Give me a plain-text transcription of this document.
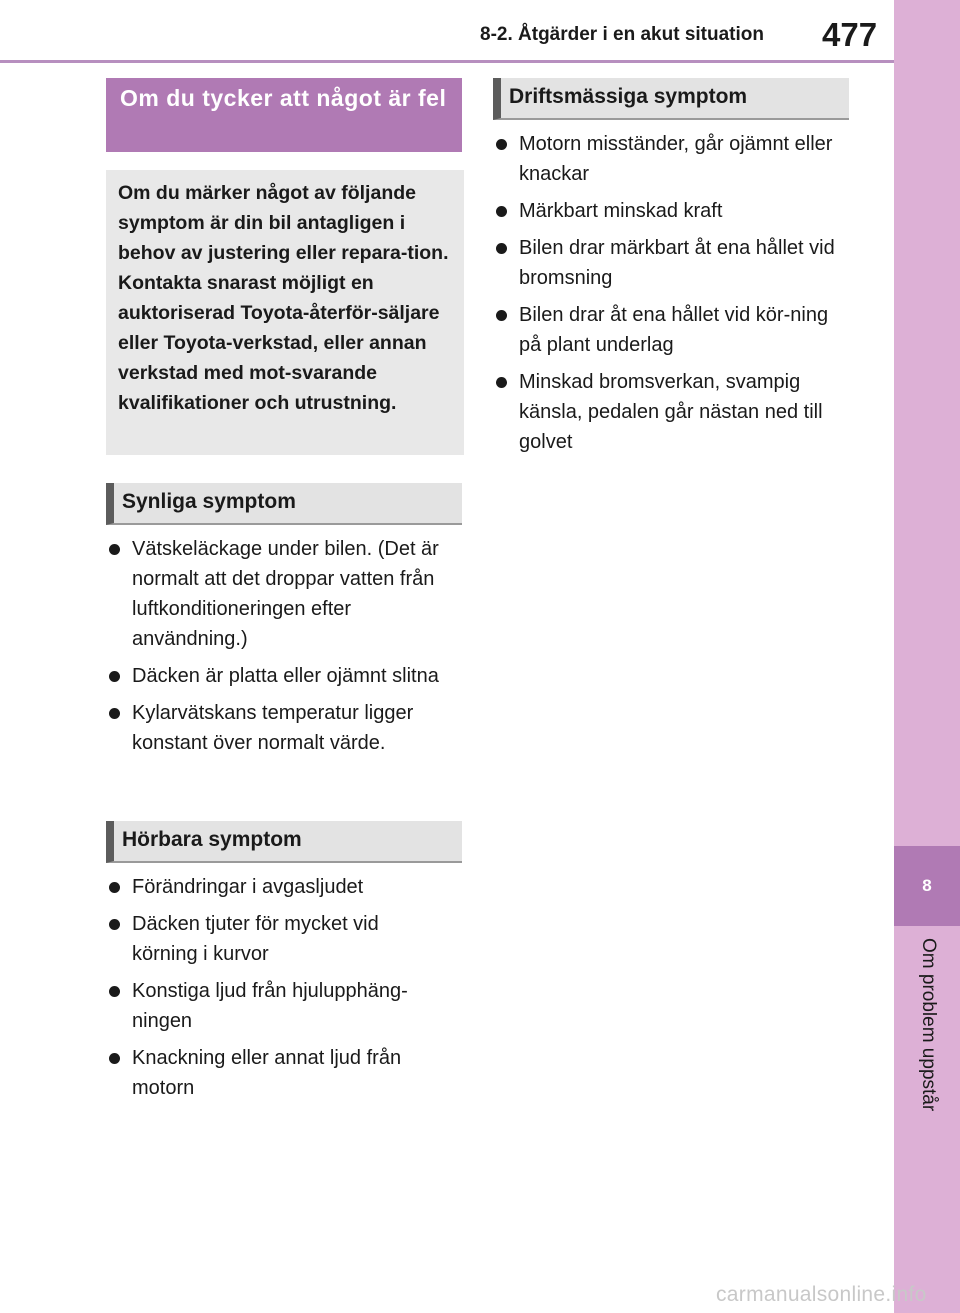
8-2. Åtgärder i en akut situation	477
8
Om problem uppstår
Om du tycker att något är fel
Om du märker något av följande symptom är din bil antagligen i behov av justering eller repara-tion. Kontakta snarast möjligt en auktoriserad Toyota-återför-säljare eller Toyota-verkstad, eller annan verkstad med mot-svarande kvalifikationer och utrustning.
Synliga symptom
Vätskeläckage under bilen. (Det är normalt att det droppar vatten från luftkonditioneringen efter användning.)
Däcken är platta eller ojämnt slitna
Kylarvätskans temperatur ligger konstant över normalt värde.
Hörbara symptom
Förändringar i avgasljudet
Däcken tjuter för mycket vid körning i kurvor
Konstiga ljud från hjulupphäng-ningen
Knackning eller annat ljud från motorn
Driftsmässiga symptom
Motorn misständer, går ojämnt eller knackar
Märkbart minskad kraft
Bilen drar märkbart åt ena hållet vid bromsning
Bilen drar åt ena hållet vid kör-ning på plant underlag
Minskad bromsverkan, svampig känsla, pedalen går nästan ned till golvet
carmanualsonline.info
